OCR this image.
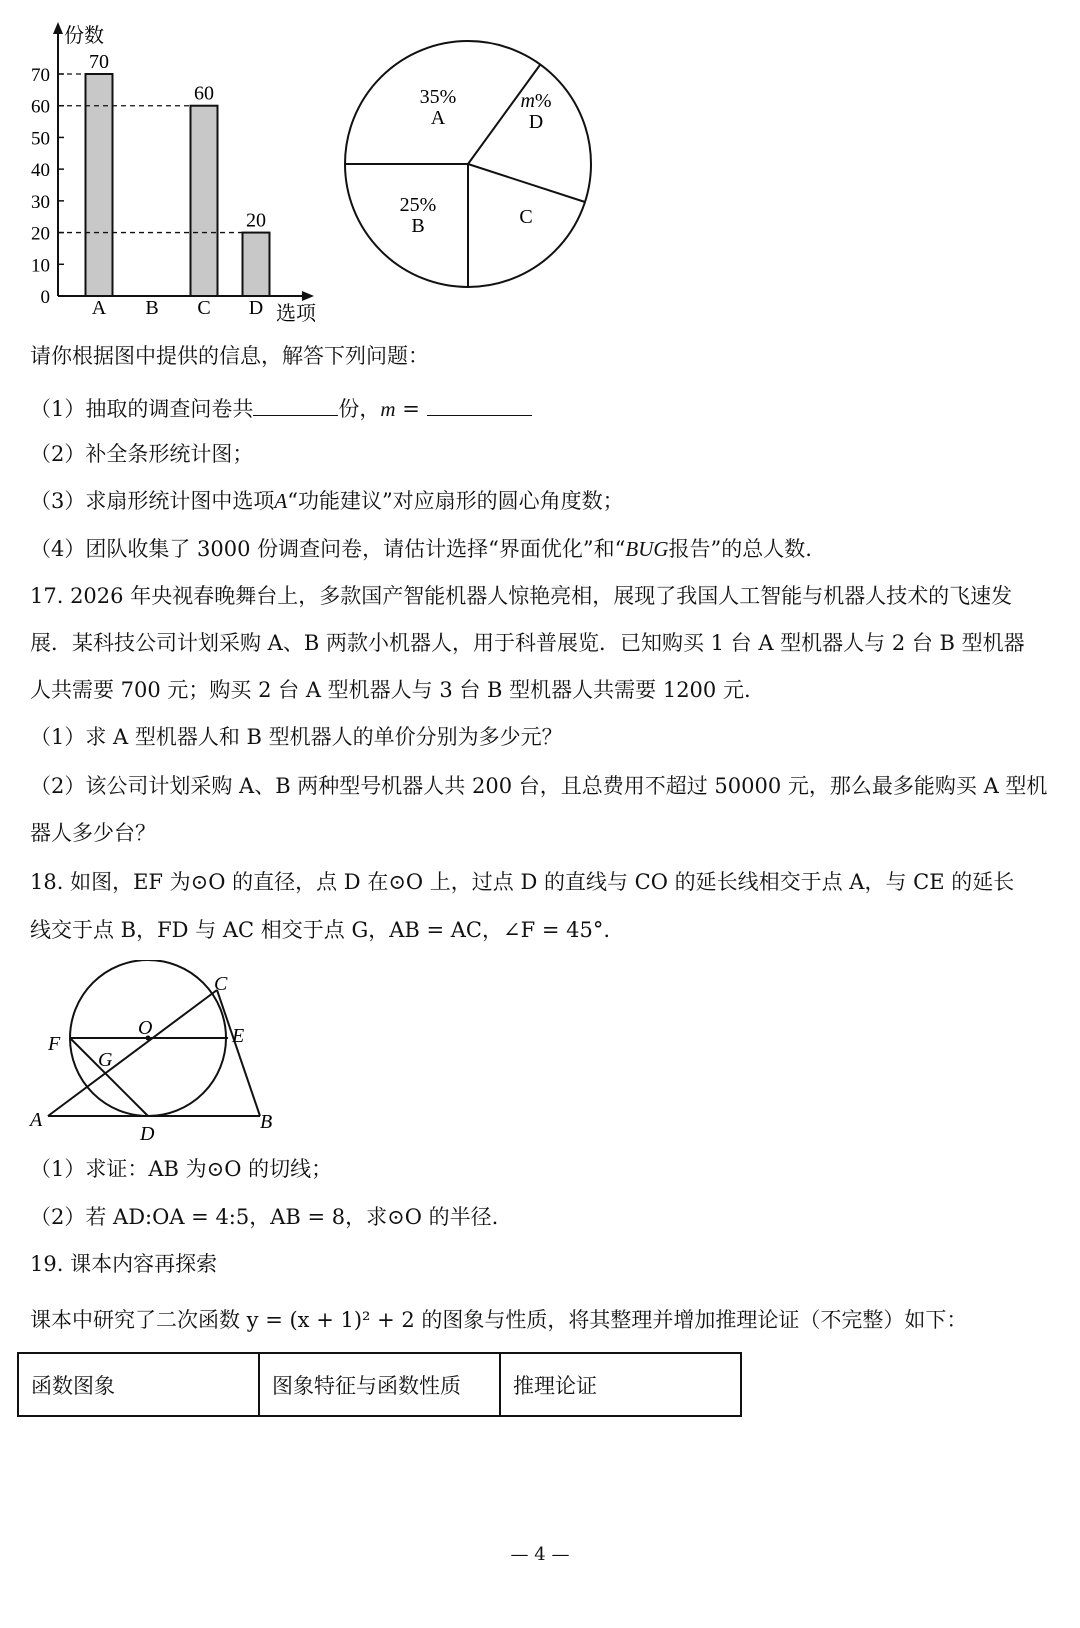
份数
选项
0
10
20
30
40
50
60
70
A
70
B C
60
D
20
35%
A
m%
D
C
25%
B
请你根据图中提供的信息，解答下列问题：
（1）抽取的调查问卷共	份，m =
（2）补全条形统计图；
（3）求扇形统计图中选项A“功能建议”对应扇形的圆心角度数；
（4）团队收集了 3000 份调查问卷，请估计选择“界面优化”和“BUG报告”的总人数.
17. 2026 年央视春晚舞台上，多款国产智能机器人惊艳亮相，展现了我国人工智能与机器人技术的飞速发
展．某科技公司计划采购 A、B 两款小机器人，用于科普展览．已知购买 1 台 A 型机器人与 2 台 B 型机器
人共需要 700 元；购买 2 台 A 型机器人与 3 台 B 型机器人共需要 1200 元.
（1）求 A 型机器人和 B 型机器人的单价分别为多少元？
（2）该公司计划采购 A、B 两种型号机器人共 200 台，且总费用不超过 50000 元，那么最多能购买 A 型机
器人多少台？
18. 如图，EF 为⊙O 的直径，点 D 在⊙O 上，过点 D 的直线与 CO 的延长线相交于点 A，与 CE 的延长
线交于点 B，FD 与 AC 相交于点 G，AB = AC，∠F = 45°.
C
O	E
F
G
A
D
B
（1）求证：AB 为⊙O 的切线；
（2）若 AD:OA = 4:5，AB = 8，求⊙O 的半径.
19. 课本内容再探索
课本中研究了二次函数 y = (x + 1)² + 2 的图象与性质，将其整理并增加推理论证（不完整）如下：
函数图象	图象特征与函数性质	推理论证
— 4 —
